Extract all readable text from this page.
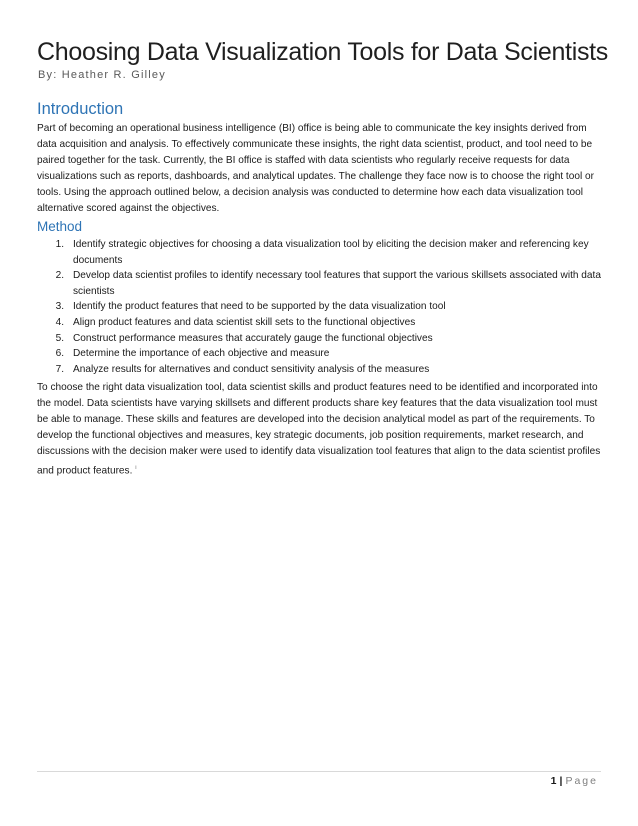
Choosing Data Visualization Tools for Data Scientists

By: Heather R. Gilley

Introduction

Part of becoming an operational business intelligence (BI) office is being able to communicate the key insights derived from data acquisition and analysis. To effectively communicate these insights, the right data scientist, product, and tool need to be paired together for the task. Currently, the BI office is staffed with data scientists who regularly receive requests for data visualizations such as reports, dashboards, and analytical updates. The challenge they face now is to choose the right tool or tools. Using the approach outlined below, a decision analysis was conducted to determine how each data visualization tool alternative scored against the objectives.

Method
1. Identify strategic objectives for choosing a data visualization tool by eliciting the decision maker and referencing key documents
2. Develop data scientist profiles to identify necessary tool features that support the various skillsets associated with data scientists
3. Identify the product features that need to be supported by the data visualization tool
4. Align product features and data scientist skill sets to the functional objectives
5. Construct performance measures that accurately gauge the functional objectives
6. Determine the importance of each objective and measure
7. Analyze results for alternatives and conduct sensitivity analysis of the measures

To choose the right data visualization tool, data scientist skills and product features need to be identified and incorporated into the model. Data scientists have varying skillsets and different products share key features that the data visualization tool must be able to manage. These skills and features are developed into the decision analytical model as part of the requirements. To develop the functional objectives and measures, key strategic documents, job position requirements, market research, and discussions with the decision maker were used to identify data visualization tool features that align to the data scientist profiles and product features. $^i$

1 | Page
